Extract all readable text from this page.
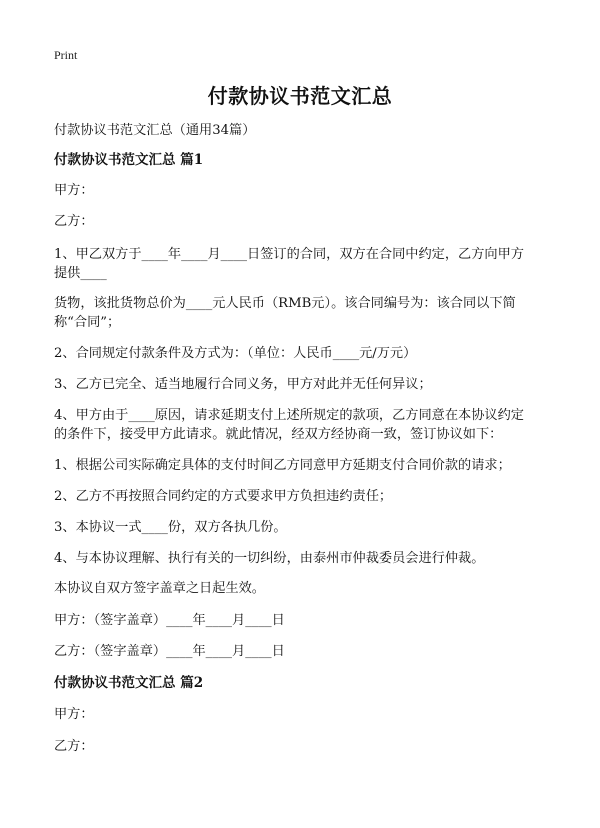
Print
付款协议书范文汇总
付款协议书范文汇总（通用34篇）
付款协议书范文汇总 篇1
甲方：
乙方：
1、甲乙双方于____年____月____日签订的合同，双方在合同中约定，乙方向甲方
提供____
货物，该批货物总价为____元人民币（RMB元）。该合同编号为：该合同以下简
称“合同”；
2、合同规定付款条件及方式为：（单位：人民币____元/万元）
3、乙方已完全、适当地履行合同义务，甲方对此并无任何异议；
4、甲方由于____原因，请求延期支付上述所规定的款项，乙方同意在本协议约定
的条件下，接受甲方此请求。就此情况，经双方经协商一致，签订协议如下：
1、根据公司实际确定具体的支付时间乙方同意甲方延期支付合同价款的请求；
2、乙方不再按照合同约定的方式要求甲方负担违约责任；
3、本协议一式____份，双方各执几份。
4、与本协议理解、执行有关的一切纠纷，由泰州市仲裁委员会进行仲裁。
本协议自双方签字盖章之日起生效。
甲方：（签字盖章）____年____月____日
乙方：（签字盖章）____年____月____日
付款协议书范文汇总 篇2
甲方：
乙方：
